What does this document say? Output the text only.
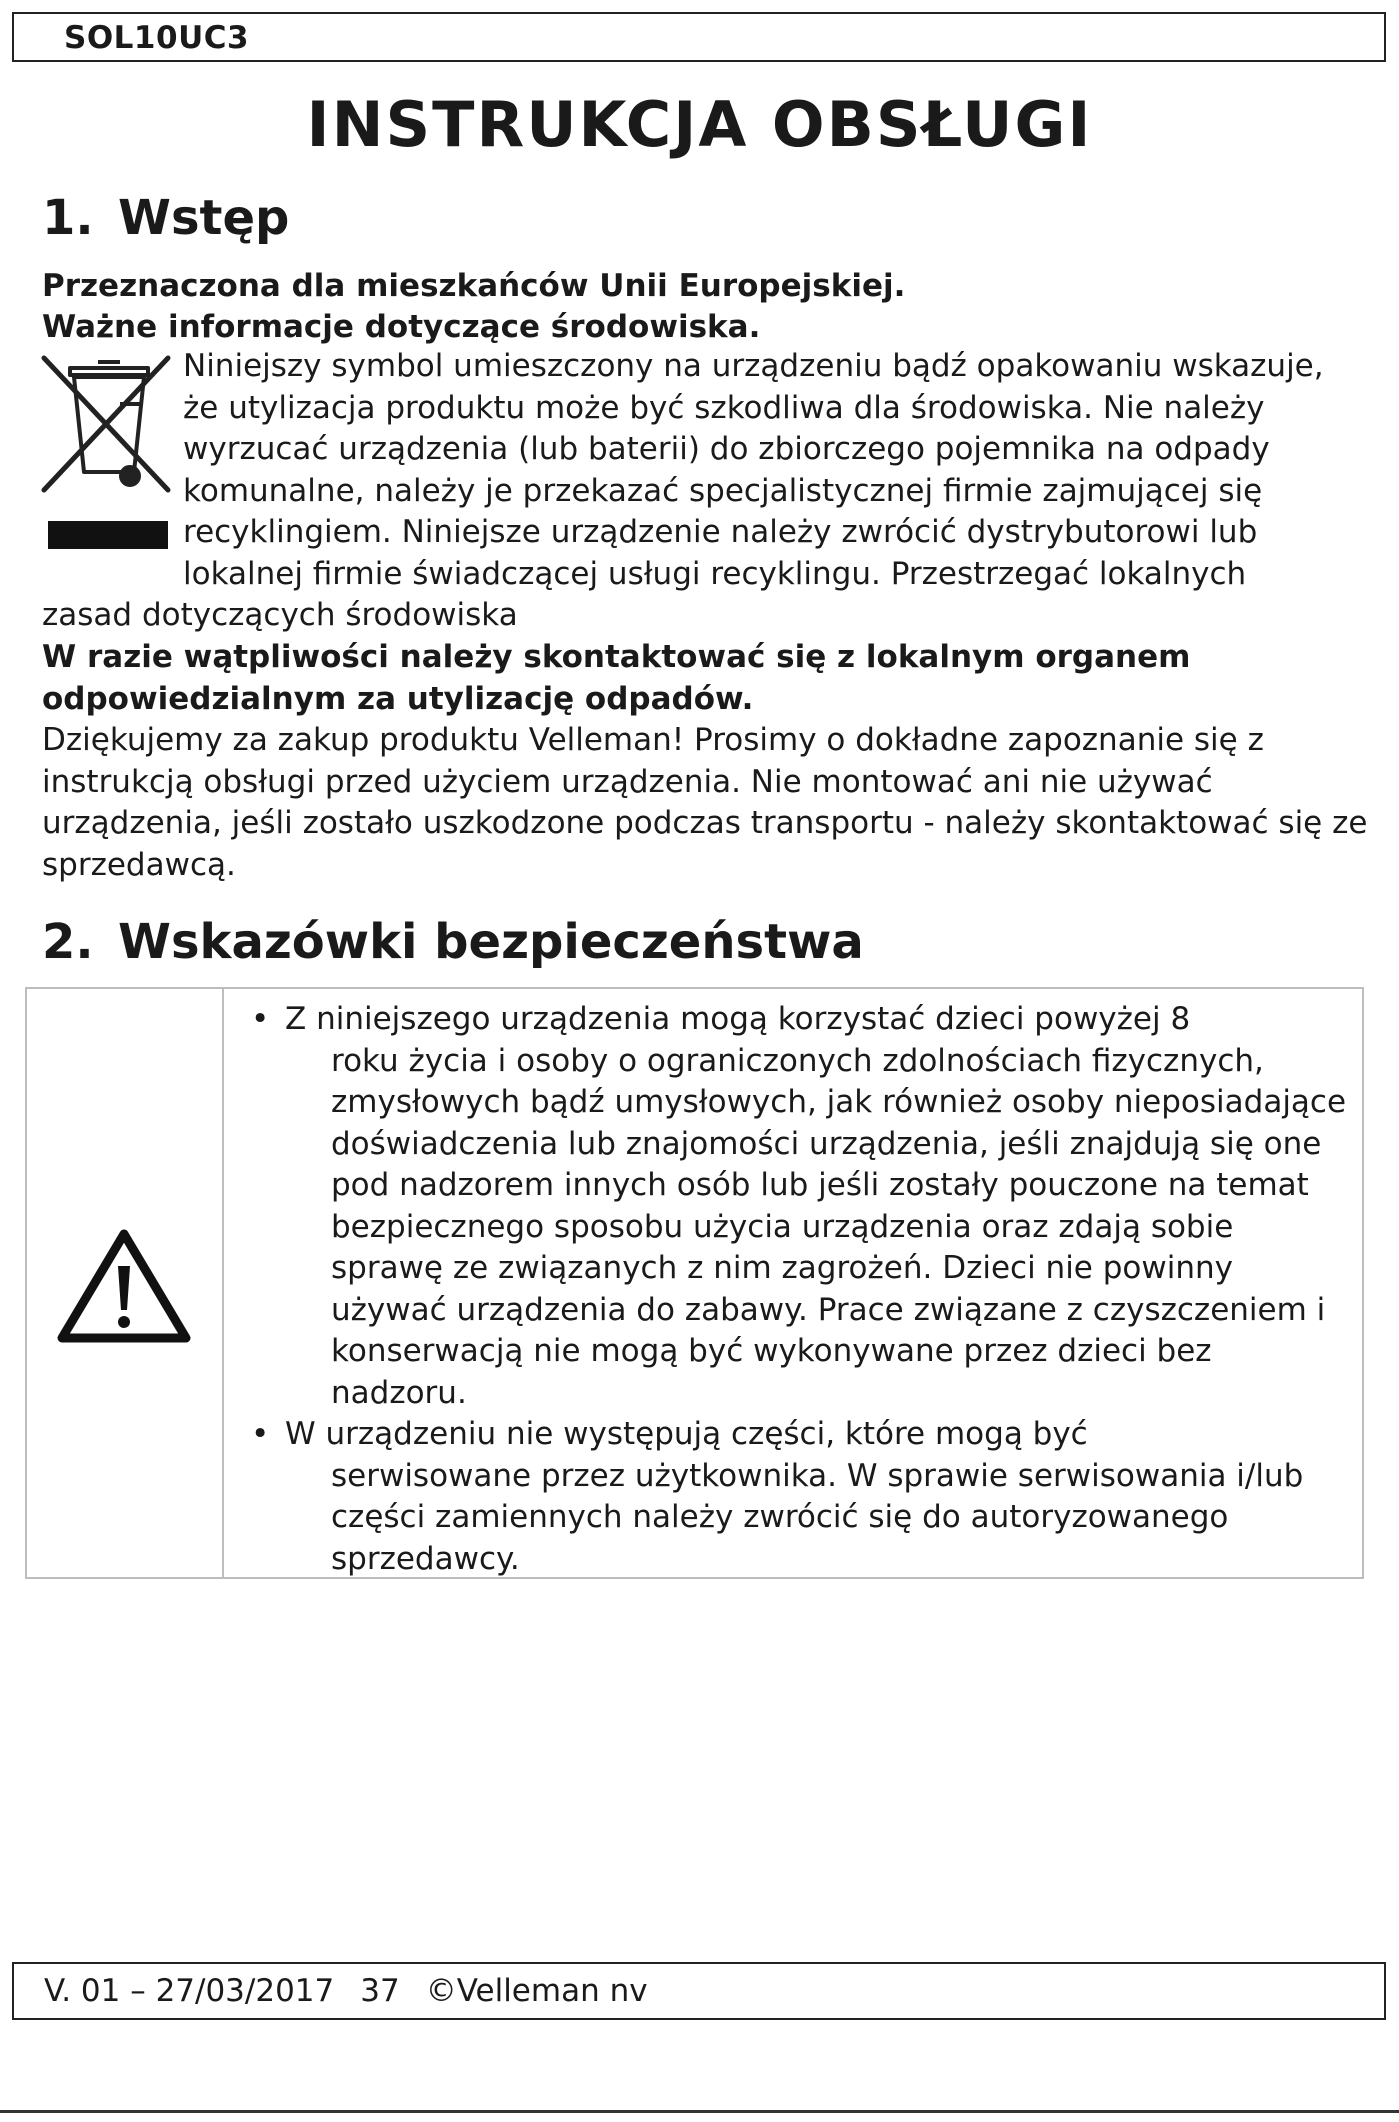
SOL10UC3
INSTRUKCJA OBSŁUGI
1. Wstęp
Przeznaczona dla mieszkańców Unii Europejskiej.
Ważne informacje dotyczące środowiska.
Niniejszy symbol umieszczony na urządzeniu bądź opakowaniu wskazuje, że utylizacja produktu może być szkodliwa dla środowiska. Nie należy wyrzucać urządzenia (lub baterii) do zbiorczego pojemnika na odpady komunalne, należy je przekazać specjalistycznej firmie zajmującej się recyklingiem. Niniejsze urządzenie należy zwrócić dystrybutorowi lub lokalnej firmie świadczącej usługi recyklingu. Przestrzegać lokalnych zasad dotyczących środowiska
W razie wątpliwości należy skontaktować się z lokalnym organem odpowiedzialnym za utylizację odpadów.
Dziękujemy za zakup produktu Velleman! Prosimy o dokładne zapoznanie się z instrukcją obsługi przed użyciem urządzenia. Nie montować ani nie używać urządzenia, jeśli zostało uszkodzone podczas transportu - należy skontaktować się ze sprzedawcą.
2. Wskazówki bezpieczeństwa
• Z niniejszego urządzenia mogą korzystać dzieci powyżej 8
roku życia i osoby o ograniczonych zdolnościach fizycznych, zmysłowych bądź umysłowych, jak również osoby nieposiadające doświadczenia lub znajomości urządzenia, jeśli znajdują się one pod nadzorem innych osób lub jeśli zostały pouczone na temat bezpiecznego sposobu użycia urządzenia oraz zdają sobie sprawę ze związanych z nim zagrożeń. Dzieci nie powinny używać urządzenia do zabawy. Prace związane z czyszczeniem i konserwacją nie mogą być wykonywane przez dzieci bez nadzoru.
• W urządzeniu nie występują części, które mogą być
serwisowane przez użytkownika. W sprawie serwisowania i/lub części zamiennych należy zwrócić się do autoryzowanego sprzedawcy.
V. 01 – 27/03/2017 37 ©Velleman nv
